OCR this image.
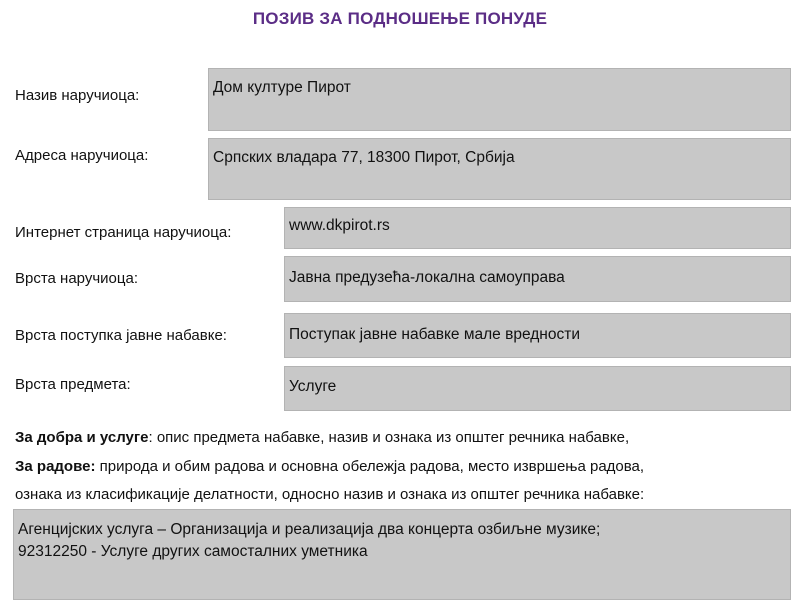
ПОЗИВ ЗА ПОДНОШЕЊЕ ПОНУДЕ
Назив наручиоца:	Дом културе Пирот
Адреса наручиоца:	Српских владара 77, 18300 Пирот, Србија
Интернет страница наручиоца:	www.dkpirot.rs
Врста наручиоца:	Јавна предузећа-локална самоуправа
Врста поступка јавне набавке:	Поступак јавне набавке мале вредности
Врста предмета:	Услуге
За добра и услуге: опис предмета набавке, назив и ознака из општег речника набавке,
За радове: природа и обим радова и основна обележја радова, место извршења радова,
ознака из класификације делатности, односно назив и ознака из општег речника набавке:
Агенцијских услуга – Организација и реализација два концерта озбиљне музике;
92312250 - Услуге других самосталних уметника
